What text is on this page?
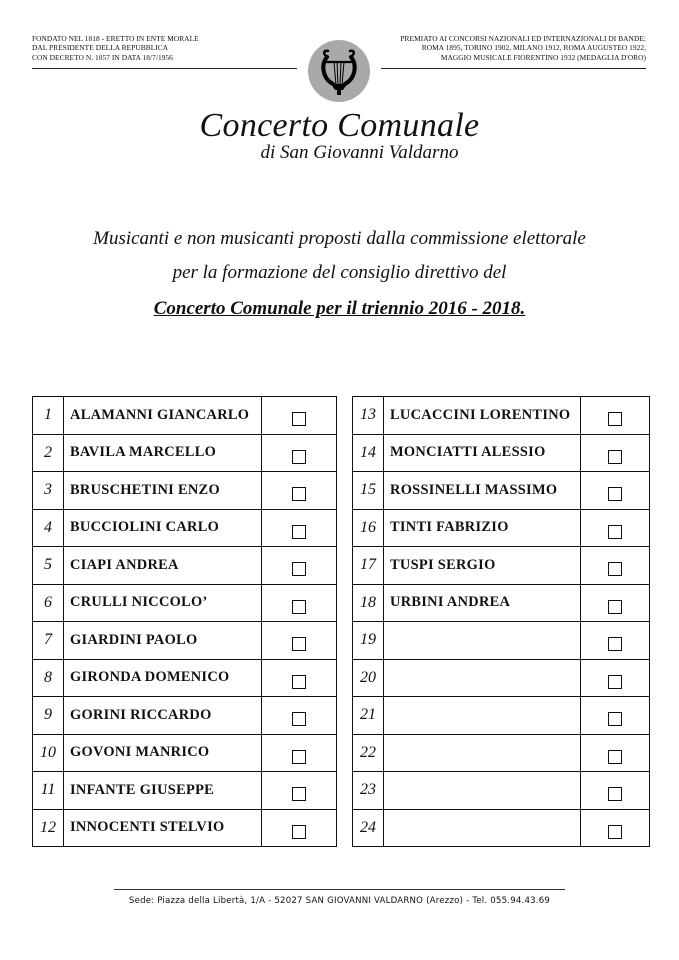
FONDATO NEL 1818 - ERETTO IN ENTE MORALE
DAL PRESIDENTE DELLA REPUBBLICA
CON DECRETO N. 1057 IN DATA 18/7/1956
PREMIATO AI CONCORSI NAZIONALI ED INTERNAZIONALI DI BANDE:
ROMA 1895, TORINO 1902, MILANO 1912, ROMA AUGUSTEO 1922,
MAGGIO MUSICALE FIORENTINO 1932 (MEDAGLIA D'ORO)
Concerto Comunale
di San Giovanni Valdarno
Musicanti e non musicanti proposti dalla commissione elettorale
per la formazione del consiglio direttivo del
Concerto Comunale per il triennio 2016 - 2018.
1	ALAMANNI GIANCARLO	
2	BAVILA MARCELLO	
3	BRUSCHETINI ENZO	
4	BUCCIOLINI CARLO	
5	CIAPI ANDREA	
6	CRULLI NICCOLO’	
7	GIARDINI PAOLO	
8	GIRONDA DOMENICO	
9	GORINI RICCARDO	
10	GOVONI MANRICO	
11	INFANTE GIUSEPPE	
12	INNOCENTI STELVIO	
13	LUCACCINI LORENTINO	
14	MONCIATTI ALESSIO	
15	ROSSINELLI MASSIMO	
16	TINTI FABRIZIO	
17	TUSPI SERGIO	
18	URBINI ANDREA	
19		
20		
21		
22		
23		
24		
Sede: Piazza della Libertà, 1/A - 52027 SAN GIOVANNI VALDARNO (Arezzo) - Tel. 055.94.43.69
